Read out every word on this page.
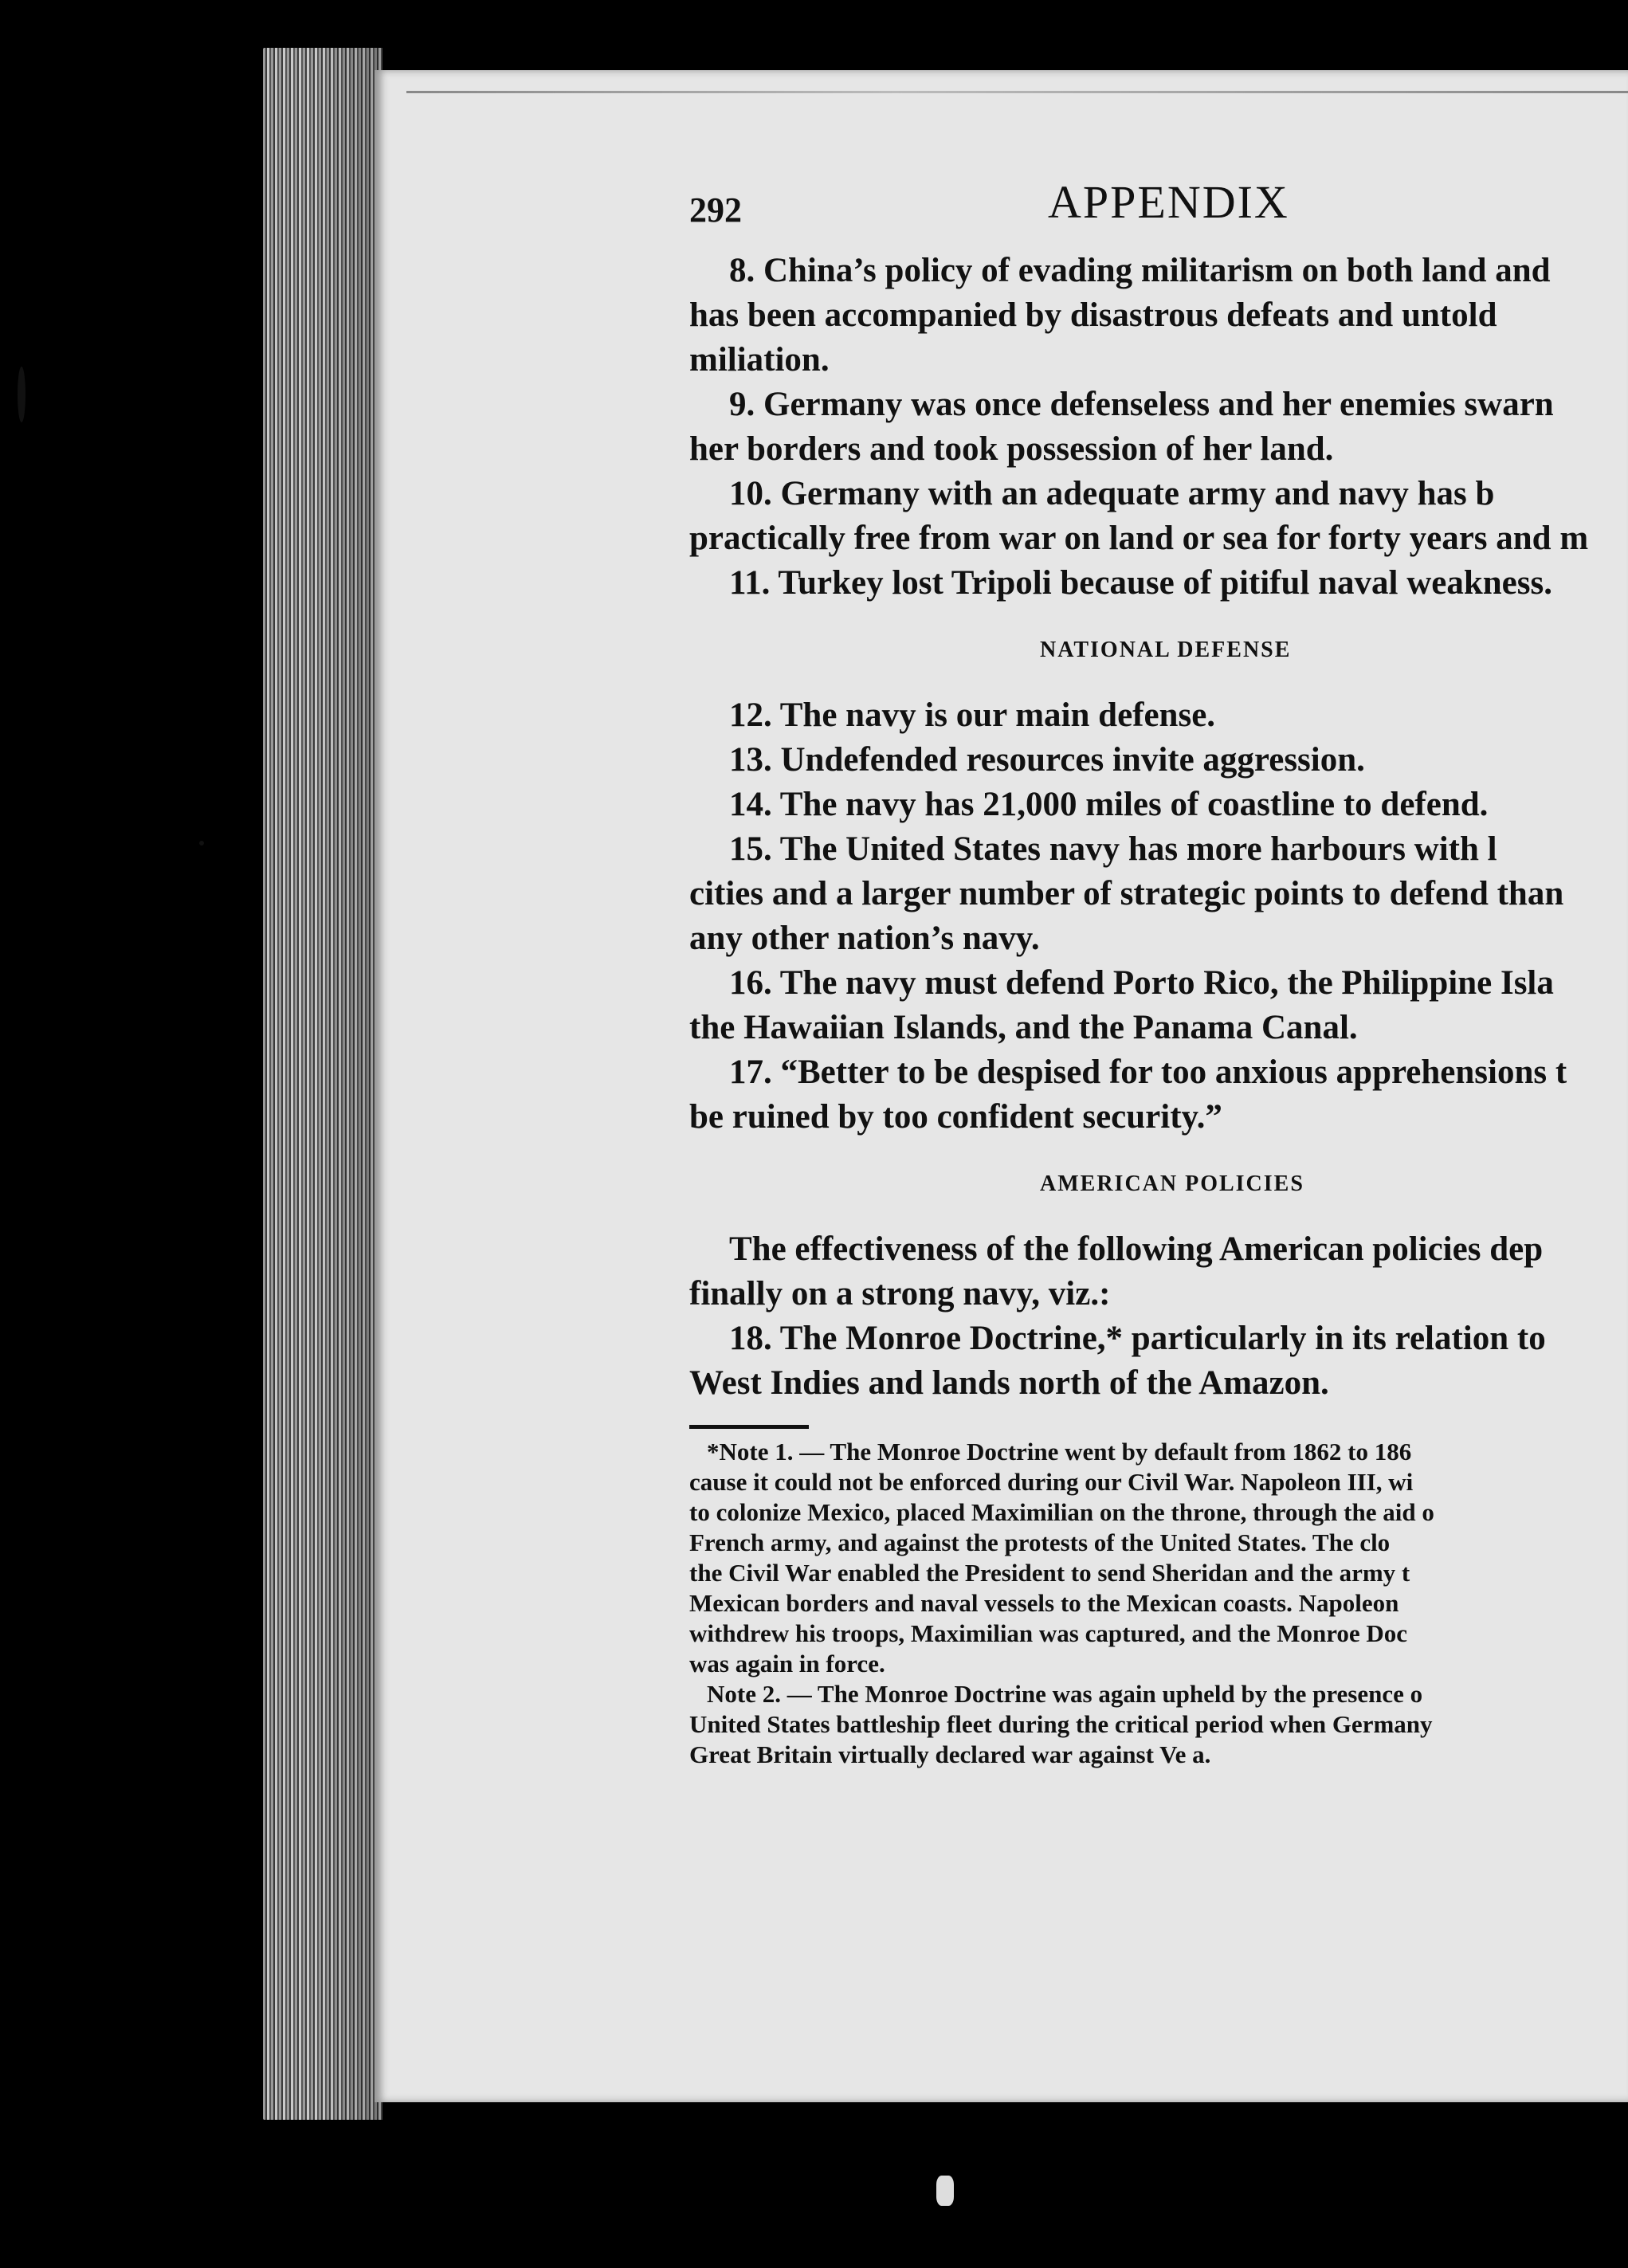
292	APPENDIX

8. China’s policy of evading militarism on both land and
has been accompanied by disastrous defeats and untold
miliation.

9. Germany was once defenseless and her enemies swarn
her borders and took possession of her land.

10. Germany with an adequate army and navy has b
practically free from war on land or sea for forty years and m

11. Turkey lost Tripoli because of pitiful naval weakness.

NATIONAL DEFENSE

12. The navy is our main defense.

13. Undefended resources invite aggression.

14. The navy has 21,000 miles of coastline to defend.

15. The United States navy has more harbours with l
cities and a larger number of strategic points to defend than
any other nation’s navy.

16. The navy must defend Porto Rico, the Philippine Isla
the Hawaiian Islands, and the Panama Canal.

17. “Better to be despised for too anxious apprehensions t
be ruined by too confident security.”

AMERICAN POLICIES

The effectiveness of the following American policies dep
finally on a strong navy, viz.:

18. The Monroe Doctrine,* particularly in its relation to
West Indies and lands north of the Amazon.

*Note 1. — The Monroe Doctrine went by default from 1862 to 186
cause it could not be enforced during our Civil War. Napoleon III, wi
to colonize Mexico, placed Maximilian on the throne, through the aid o
French army, and against the protests of the United States. The clo
the Civil War enabled the President to send Sheridan and the army t
Mexican borders and naval vessels to the Mexican coasts. Napoleon
withdrew his troops, Maximilian was captured, and the Monroe Doc
was again in force.

Note 2. — The Monroe Doctrine was again upheld by the presence o
United States battleship fleet during the critical period when Germany
Great Britain virtually declared war against Ve a.
